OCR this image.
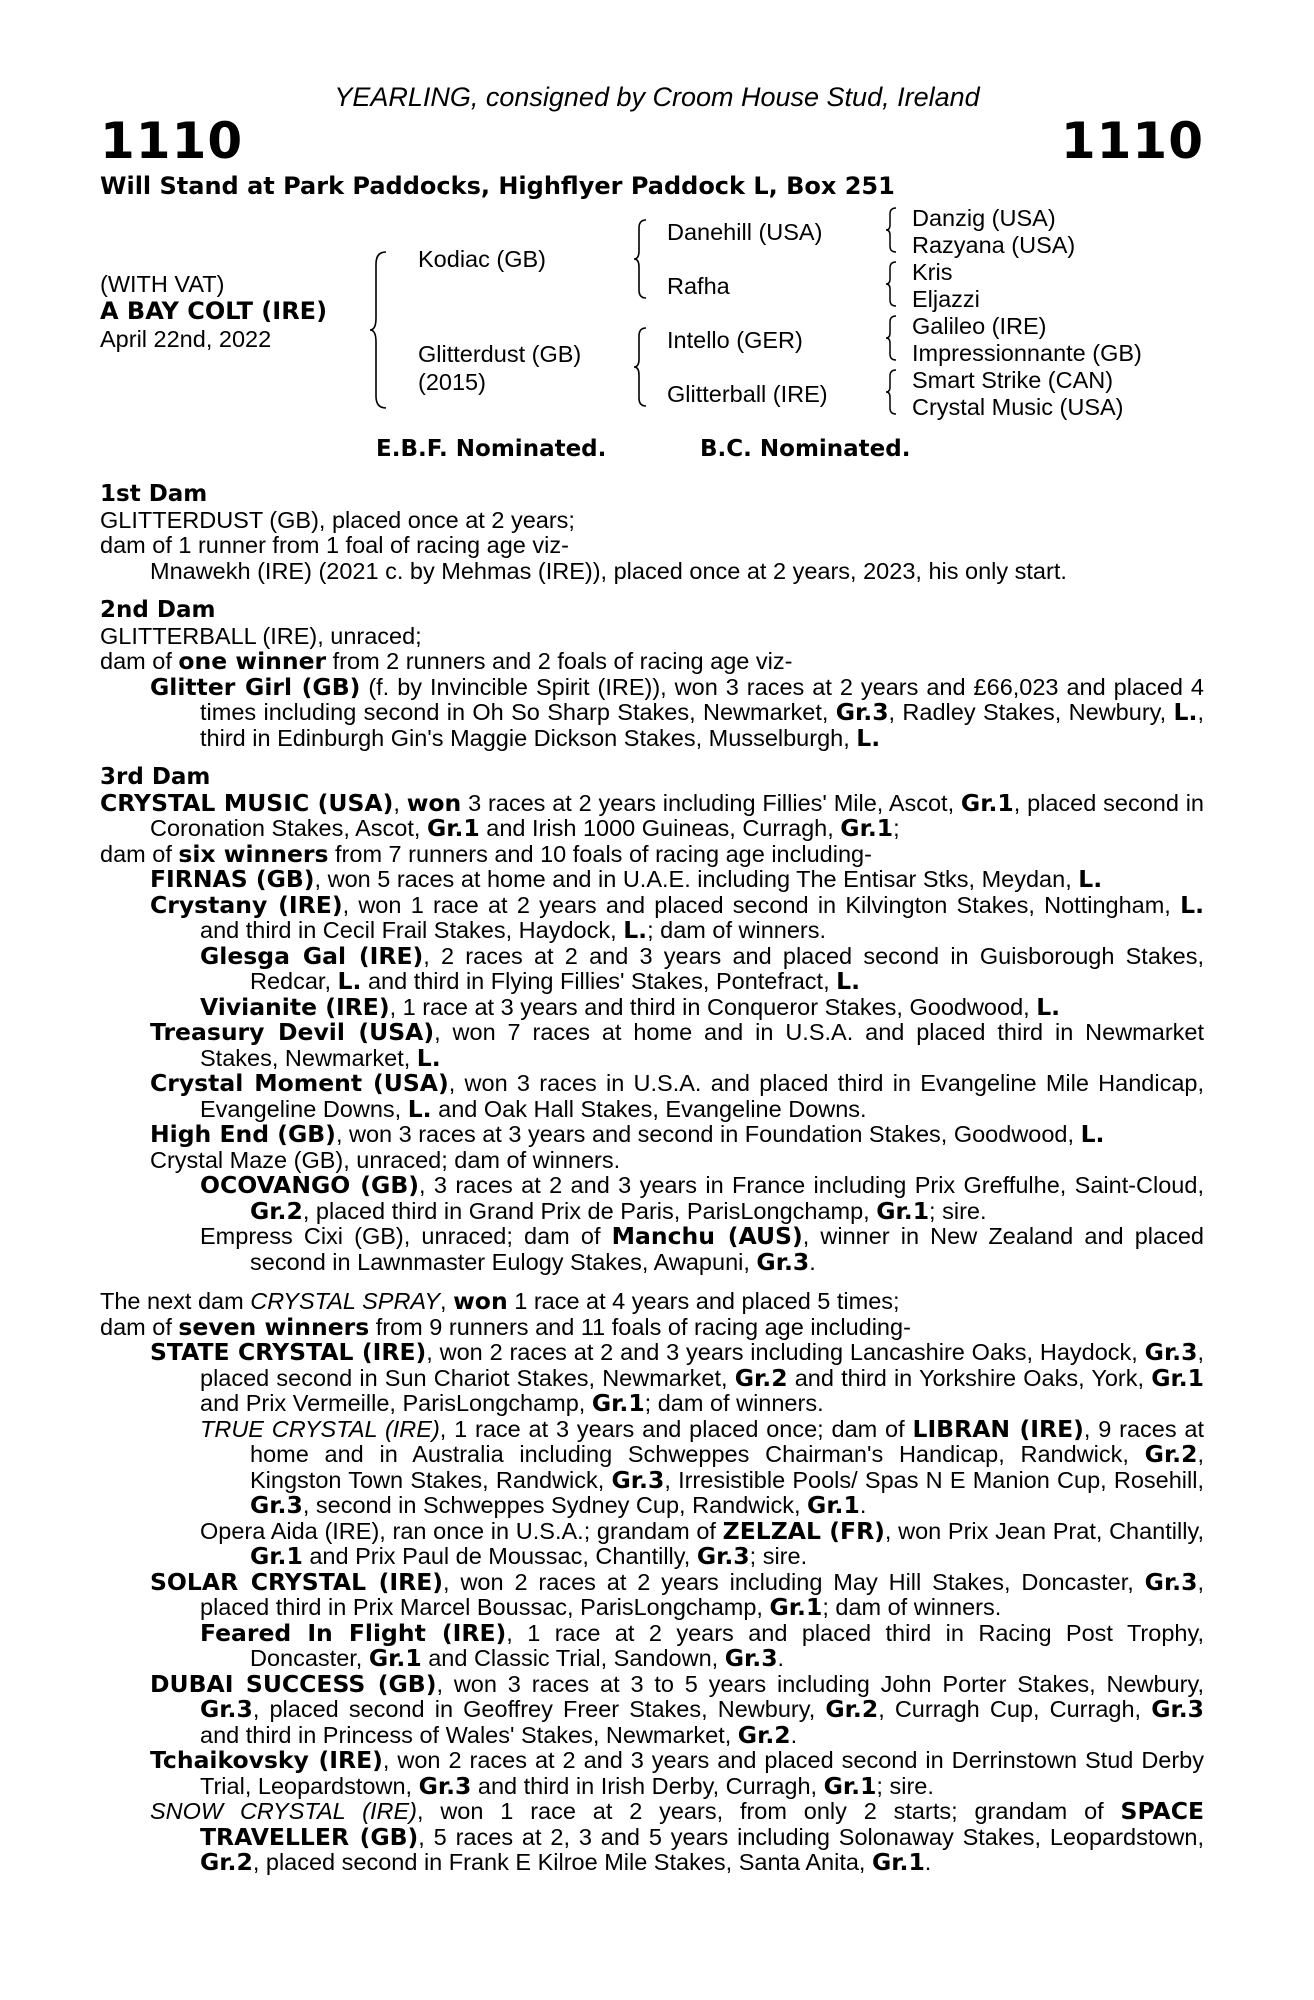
YEARLING, consigned by Croom House Stud, Ireland
1110	1110
Will Stand at Park Paddocks, Highflyer Paddock L, Box 251
(WITH VAT)
A BAY COLT (IRE)
April 22nd, 2022
Kodiac (GB)
Glitterdust (GB)
(2015)
Danehill (USA)
Rafha
Intello (GER)
Glitterball (IRE)
Danzig (USA)
Razyana (USA)
Kris
Eljazzi
Galileo (IRE)
Impressionnante (GB)
Smart Strike (CAN)
Crystal Music (USA)
E.B.F. Nominated.	B.C. Nominated.

1st Dam

GLITTERDUST (GB), placed once at 2 years;

dam of 1 runner from 1 foal of racing age viz-

Mnawekh (IRE) (2021 c. by Mehmas (IRE)), placed once at 2 years, 2023, his only start.

2nd Dam

GLITTERBALL (IRE), unraced;

dam of one winner from 2 runners and 2 foals of racing age viz-

Glitter Girl (GB) (f. by Invincible Spirit (IRE)), won 3 races at 2 years and £66,023 and placed 4 times including second in Oh So Sharp Stakes, Newmarket, Gr.3, Radley Stakes, Newbury, L., third in Edinburgh Gin's Maggie Dickson Stakes, Musselburgh, L.

3rd Dam

CRYSTAL MUSIC (USA), won 3 races at 2 years including Fillies' Mile, Ascot, Gr.1, placed second in Coronation Stakes, Ascot, Gr.1 and Irish 1000 Guineas, Curragh, Gr.1;

dam of six winners from 7 runners and 10 foals of racing age including-

FIRNAS (GB), won 5 races at home and in U.A.E. including The Entisar Stks, Meydan, L.

Crystany (IRE), won 1 race at 2 years and placed second in Kilvington Stakes, Nottingham, L. and third in Cecil Frail Stakes, Haydock, L.; dam of winners.

Glesga Gal (IRE), 2 races at 2 and 3 years and placed second in Guisborough Stakes, Redcar, L. and third in Flying Fillies' Stakes, Pontefract, L.

Vivianite (IRE), 1 race at 3 years and third in Conqueror Stakes, Goodwood, L.

Treasury Devil (USA), won 7 races at home and in U.S.A. and placed third in Newmarket Stakes, Newmarket, L.

Crystal Moment (USA), won 3 races in U.S.A. and placed third in Evangeline Mile Handicap, Evangeline Downs, L. and Oak Hall Stakes, Evangeline Downs.

High End (GB), won 3 races at 3 years and second in Foundation Stakes, Goodwood, L.

Crystal Maze (GB), unraced; dam of winners.

OCOVANGO (GB), 3 races at 2 and 3 years in France including Prix Greffulhe, Saint-Cloud, Gr.2, placed third in Grand Prix de Paris, ParisLongchamp, Gr.1; sire.

Empress Cixi (GB), unraced; dam of Manchu (AUS), winner in New Zealand and placed second in Lawnmaster Eulogy Stakes, Awapuni, Gr.3.

The next dam CRYSTAL SPRAY, won 1 race at 4 years and placed 5 times;

dam of seven winners from 9 runners and 11 foals of racing age including-

STATE CRYSTAL (IRE), won 2 races at 2 and 3 years including Lancashire Oaks, Haydock, Gr.3, placed second in Sun Chariot Stakes, Newmarket, Gr.2 and third in Yorkshire Oaks, York, Gr.1 and Prix Vermeille, ParisLongchamp, Gr.1; dam of winners.

TRUE CRYSTAL (IRE), 1 race at 3 years and placed once; dam of LIBRAN (IRE), 9 races at home and in Australia including Schweppes Chairman's Handicap, Randwick, Gr.2, Kingston Town Stakes, Randwick, Gr.3, Irresistible Pools/ Spas N E Manion Cup, Rosehill, Gr.3, second in Schweppes Sydney Cup, Randwick, Gr.1.

Opera Aida (IRE), ran once in U.S.A.; grandam of ZELZAL (FR), won Prix Jean Prat, Chantilly, Gr.1 and Prix Paul de Moussac, Chantilly, Gr.3; sire.

SOLAR CRYSTAL (IRE), won 2 races at 2 years including May Hill Stakes, Doncaster, Gr.3, placed third in Prix Marcel Boussac, ParisLongchamp, Gr.1; dam of winners.

Feared In Flight (IRE), 1 race at 2 years and placed third in Racing Post Trophy, Doncaster, Gr.1 and Classic Trial, Sandown, Gr.3.

DUBAI SUCCESS (GB), won 3 races at 3 to 5 years including John Porter Stakes, Newbury, Gr.3, placed second in Geoffrey Freer Stakes, Newbury, Gr.2, Curragh Cup, Curragh, Gr.3 and third in Princess of Wales' Stakes, Newmarket, Gr.2.

Tchaikovsky (IRE), won 2 races at 2 and 3 years and placed second in Derrinstown Stud Derby Trial, Leopardstown, Gr.3 and third in Irish Derby, Curragh, Gr.1; sire.

SNOW CRYSTAL (IRE), won 1 race at 2 years, from only 2 starts; grandam of SPACE TRAVELLER (GB), 5 races at 2, 3 and 5 years including Solonaway Stakes, Leopardstown, Gr.2, placed second in Frank E Kilroe Mile Stakes, Santa Anita, Gr.1.
